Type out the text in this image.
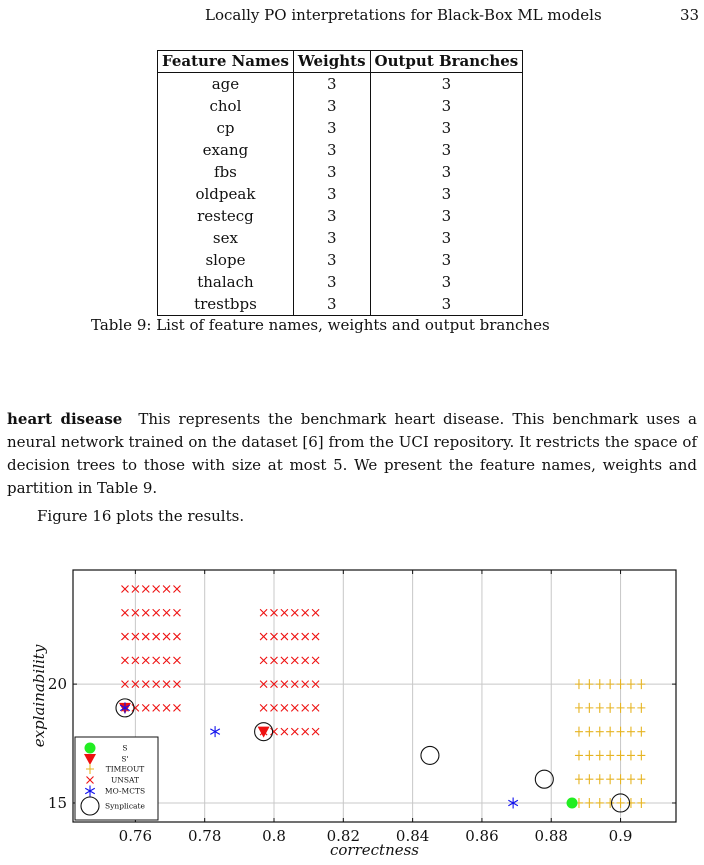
Locally PO interpretations for Black-Box ML models	33
Feature Names	Weights	Output Branches
age	3	3
chol	3	3
cp	3	3
exang	3	3
fbs	3	3
oldpeak	3	3
restecg	3	3
sex	3	3
slope	3	3
thalach	3	3
trestbps	3	3
Table 9: List of feature names, weights and output branches
heart disease This represents the benchmark heart disease. This benchmark uses a neural network trained on the dataset [6] from the UCI repository. It restricts the space of decision trees to those with size at most 5. We present the feature names, weights and partition in Table 9.
Figure 16 plots the results.
0.76 0.78	0.8	0.82 0.84 0.86 0.88	0.9
15
20
correctness
explainability
S
S'
TIMEOUT
UNSAT
MO-MCTS
Synplicate
